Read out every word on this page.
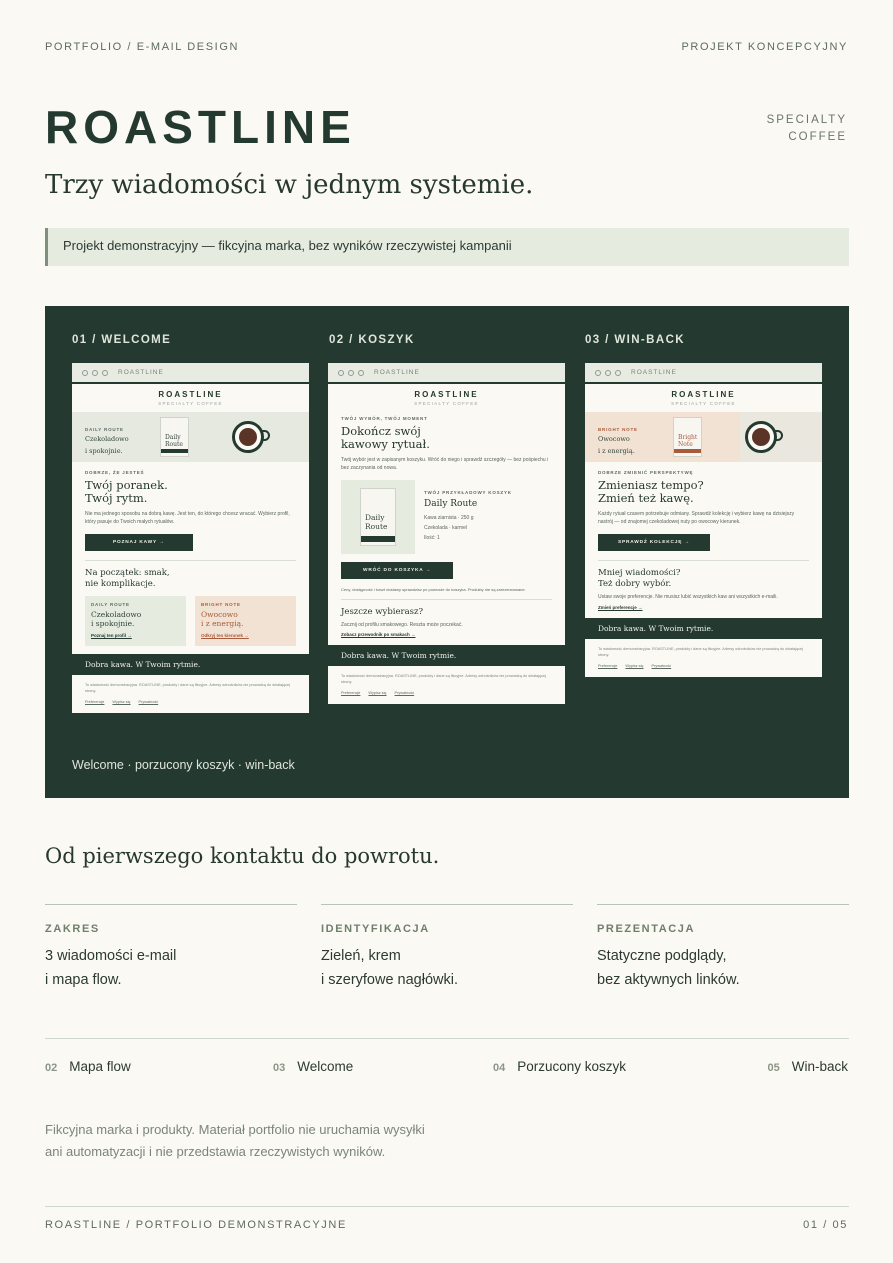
PORTFOLIO / E-MAIL DESIGN	PROJEKT KONCEPCYJNY
ROASTLINE	SPECIALTY
COFFEE
Trzy wiadomości w jednym systemie.
Projekt demonstracyjny — fikcyjna marka, bez wyników rzeczywistej kampanii
01 / WELCOME
ROASTLINE
ROASTLINE
SPECIALTY COFFEE
DAILY ROUTE
Czekoladowo
i spokojnie.
Daily
Route
DOBRZE, ŻE JESTEŚ
Twój poranek.
Twój rytm.
Nie ma jednego sposobu na dobrą kawę. Jest ten, do którego chcesz wracać. Wybierz profil, który pasuje do Twoich małych rytuałów.
POZNAJ KAWY →
Na początek: smak,
nie komplikacje.
DAILY ROUTE
Czekoladowo
i spokojnie.
Poznaj ten profil →
BRIGHT NOTE
Owocowo
i z energią.
Odkryj ten kierunek →
Dobra kawa. W Twoim rytmie.
To wiadomość demonstracyjna. ROASTLINE, produkty i dane są fikcyjne. Adresy odnośników nie prowadzą do działającej strony.
Preferencje Wypisz się Prywatność
02 / KOSZYK
ROASTLINE
ROASTLINE
SPECIALTY COFFEE
TWÓJ WYBÓR, TWÓJ MOMENT
Dokończ swój
kawowy rytuał.
Twój wybór jest w zapisanym koszyku. Wróć do niego i sprawdź szczegóły — bez pośpiechu i bez zaczynania od nowa.
Daily
Route
TWÓJ PRZYKŁADOWY KOSZYK
Daily Route
Kawa ziarnista · 250 g
Czekolada · karmel
Ilość: 1
WRÓĆ DO KOSZYKA →
Ceny, dostępność i koszt dostawy sprawdzisz po powrocie do koszyka. Produkty nie są zarezerwowane.
Jeszcze wybierasz?
Zacznij od profilu smakowego. Reszta może poczekać.
Zobacz przewodnik po smakach →
Dobra kawa. W Twoim rytmie.
To wiadomość demonstracyjna. ROASTLINE, produkty i dane są fikcyjne. Adresy odnośników nie prowadzą do działającej strony.
Preferencje Wypisz się Prywatność
03 / WIN-BACK
ROASTLINE
ROASTLINE
SPECIALTY COFFEE
BRIGHT NOTE
Owocowo
i z energią.
Bright
Note
DOBRZE ZMIENIĆ PERSPEKTYWĘ
Zmieniasz tempo?
Zmień też kawę.
Każdy rytuał czasem potrzebuje odmiany. Sprawdź kolekcję i wybierz kawę na dzisiejszy nastrój — od znajomej czekoladowej nuty po owocowy kierunek.
SPRAWDŹ KOLEKCJĘ →
Mniej wiadomości?
Też dobry wybór.
Ustaw swoje preferencje. Nie musisz lubić wszystkich kaw ani wszystkich e-maili.
Zmień preferencje →
Dobra kawa. W Twoim rytmie.
To wiadomość demonstracyjna. ROASTLINE, produkty i dane są fikcyjne. Adresy odnośników nie prowadzą do działającej strony.
Preferencje Wypisz się Prywatność
Welcome · porzucony koszyk · win-back
Od pierwszego kontaktu do powrotu.
ZAKRES
3 wiadomości e-mail
i mapa flow.
IDENTYFIKACJA
Zieleń, krem
i szeryfowe nagłówki.
PREZENTACJA
Statyczne podglądy,
bez aktywnych linków.
02 Mapa flow	03 Welcome	04 Porzucony koszyk	05 Win-back
Fikcyjna marka i produkty. Materiał portfolio nie uruchamia wysyłki
ani automatyzacji i nie przedstawia rzeczywistych wyników.
ROASTLINE / PORTFOLIO DEMONSTRACYJNE	01 / 05
